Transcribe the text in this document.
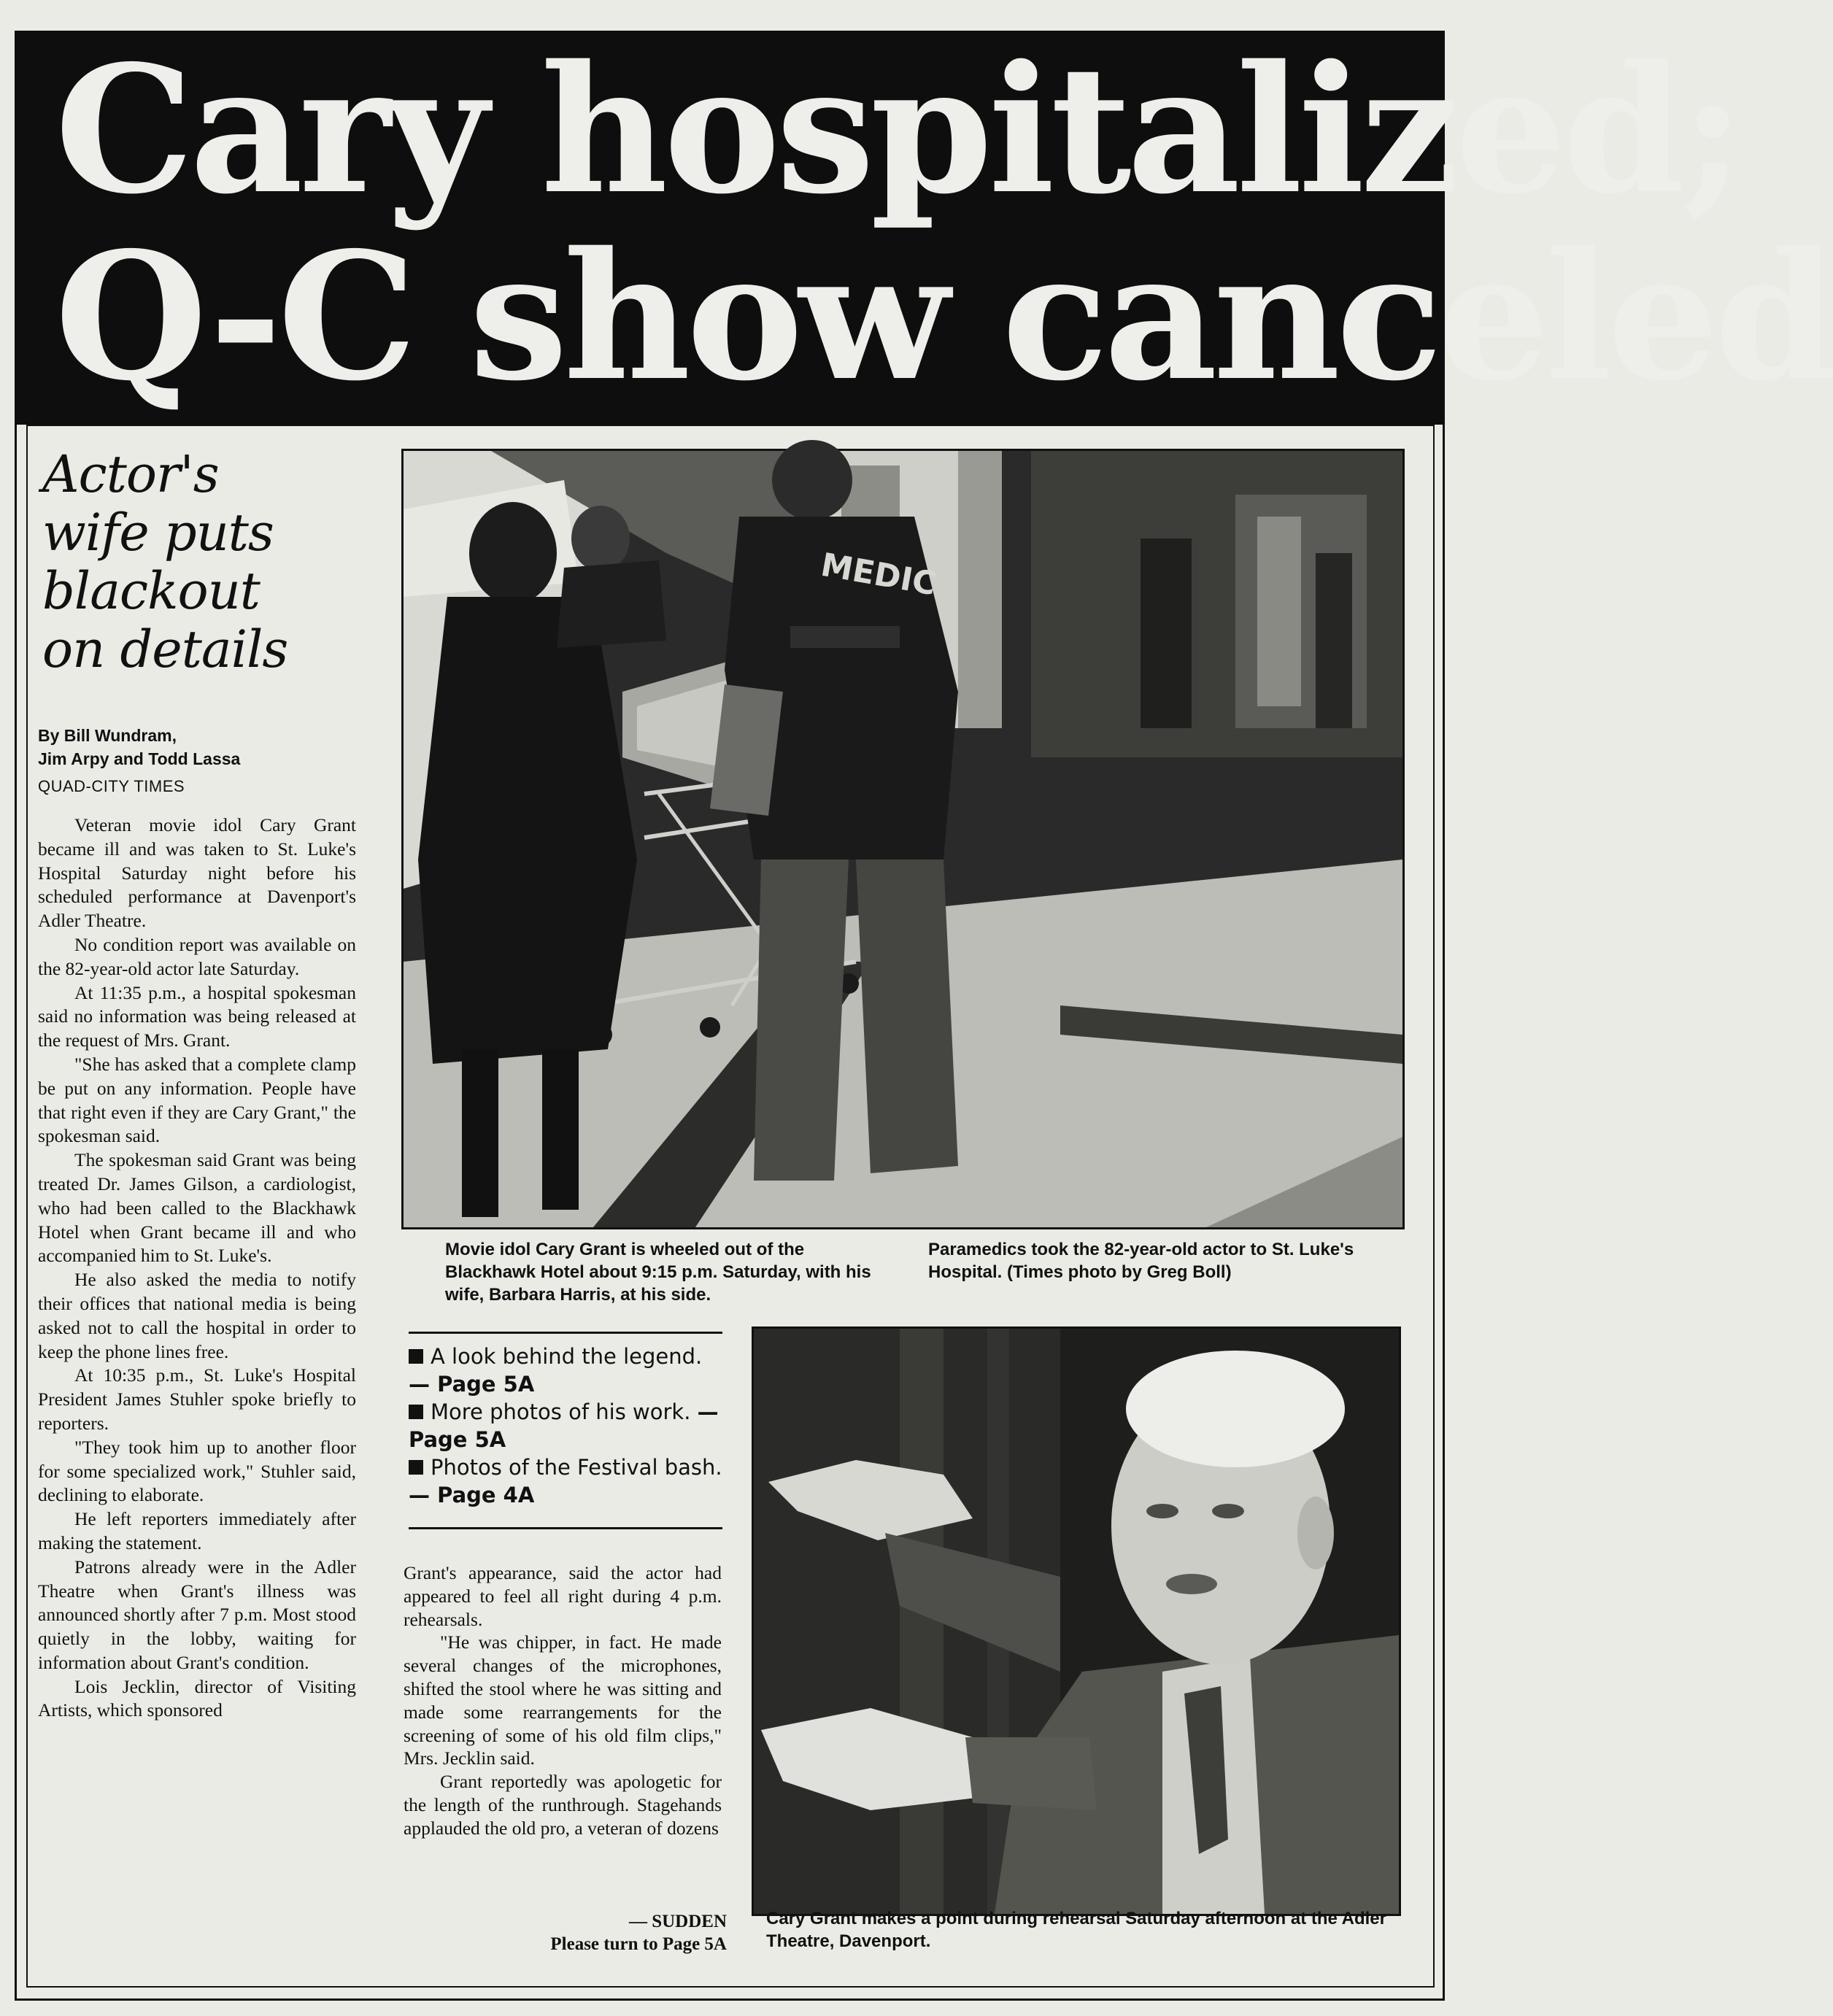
Cary hospitalized;
Q-C show canceled
Actor's
wife puts
blackout
on details
By Bill Wundram,
Jim Arpy and Todd Lassa
QUAD-CITY TIMES

Veteran movie idol Cary Grant became ill and was taken to St. Luke's Hospital Saturday night before his scheduled performance at Davenport's Adler Theatre.

No condition report was available on the 82-year-old actor late Saturday.

At 11:35 p.m., a hospital spokesman said no information was being released at the request of Mrs. Grant.

"She has asked that a complete clamp be put on any information. People have that right even if they are Cary Grant," the spokesman said.

The spokesman said Grant was being treated Dr. James Gilson, a cardiologist, who had been called to the Blackhawk Hotel when Grant became ill and who accompanied him to St. Luke's.

He also asked the media to notify their offices that national media is being asked not to call the hospital in order to keep the phone lines free.

At 10:35 p.m., St. Luke's Hospital President James Stuhler spoke briefly to reporters.

"They took him up to another floor for some specialized work," Stuhler said, declining to elaborate.

He left reporters immediately after making the statement.

Patrons already were in the Adler Theatre when Grant's illness was announced shortly after 7 p.m. Most stood quietly in the lobby, waiting for information about Grant's condition.

Lois Jecklin, director of Visiting Artists, which sponsored

MEDIC
Movie idol Cary Grant is wheeled out of the Blackhawk Hotel about 9:15 p.m. Saturday, with his wife, Barbara Harris, at his side.
Paramedics took the 82-year-old actor to St. Luke's Hospital. (Times photo by Greg Boll)
A look behind the legend. — Page 5A
More photos of his work. — Page 5A
Photos of the Festival bash. — Page 4A

Grant's appearance, said the actor had appeared to feel all right during 4 p.m. rehearsals.

"He was chipper, in fact. He made several changes of the microphones, shifted the stool where he was sitting and made some rearrangements for the screening of some of his old film clips," Mrs. Jecklin said.

Grant reportedly was apologetic for the length of the runthrough. Stagehands applauded the old pro, a veteran of dozens

— SUDDEN
Please turn to Page 5A
Cary Grant makes a point during rehearsal Saturday afternoon at the Adler Theatre, Davenport.
